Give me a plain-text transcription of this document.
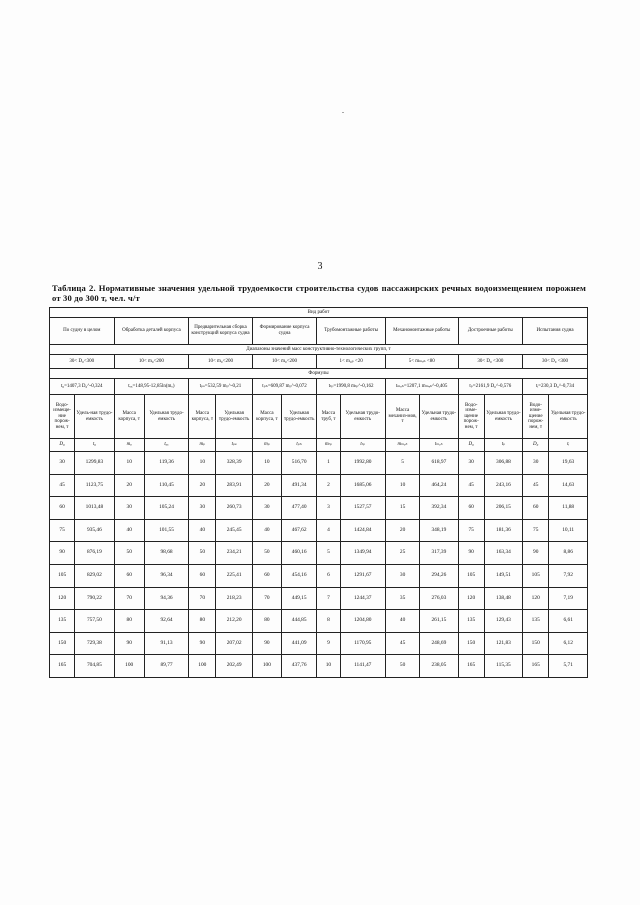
.
3
Таблица 2. Нормативные значения удельной трудоемкости строительства судов пассажирских речных водоизмещением порожнем от 30 до 300 т, чел. ч/т
Вид работ															
По судну в целом		Обработка деталей корпуса		Предварительная сборка конструкций корпуса судна		Формирование корпуса судна		Трубомонтажные работы		Механомонтажные работы		Достроечные работы		Испытания судна	
Диапазоны значений масс конструктивно-технологических групп, т															
30< D₀<300		10< m₀<200		10< m₀<200		10< m₀<200		1< m₀ₚ <20		5< mₘₑₕ <80		30< D₀ <300		30< D₀ <300	
Формулы															
t₀=1407,3 D₀^-0,324		tₒₓ=148,95-12,85ln(mₒ)		tₚₛ=532,59 mₚ^-0,21		tₚₕ=609,87 mₚ^-0,072		tₜₚ=1990,8 mₜₚ^-0,162		tₘₑₕ=1207,1 mₘₑₕ^-0,405		tₚ=2161,9 D₀^-0,576		tᵢ=230,3 D₀^-0,734	
Водо-измеще-ние порож-нем, т	Удель-ная трудо-емкость	Масса корпуса, т	Удельная трудо-емкость	Масса корпуса, т	Удельная трудо-емкость	Масса корпуса, т	Удельная трудо-емкость	Масса труб, т	Удельная трудо-емкость	Масса механиз-мов, т	Удельная трудо-емкость	Водо-изме-щение порож-нем, т	Удельная трудо-емкость	Водо-изме-щение порож-нем, т	Удельная трудо-емкость
D₀	t₀	mₒ	tₒₓ	mₚ	tₚₛ	mₚ	tₚₕ	mₜₚ	tₜₚ	mₘₑₕ	tₘₑₕ	D₀	tₚ	D₀	tᵢ
30	1299,83	10	119,36	10	328,39	10	516,70	1	1992,80	5	618,97	30	306,88	30	19,63
45	1123,75	20	110,45	20	283,91	20	491,34	2	1685,06	10	464,24	45	243,16	45	14,63
60	1013,48	30	105,24	30	260,73	30	477,40	3	1527,57	15	392,34	60	206,15	60	11,88
75	935,46	40	101,55	40	245,45	40	467,62	4	1424,84	20	348,19	75	181,36	75	10,11
90	876,19	50	98,68	50	234,21	50	460,16	5	1349,94	25	317,39	90	163,34	90	8,86
105	829,02	60	96,34	60	225,41	60	454,16	6	1291,67	30	294,26	105	149,51	105	7,92
120	790,22	70	94,36	70	218,23	70	449,15	7	1244,37	35	276,03	120	138,48	120	7,19
135	757,50	80	92,64	80	212,20	80	444,85	8	1204,80	40	261,15	135	129,43	135	6,61
150	729,38	90	91,13	90	207,02	90	441,09	9	1170,95	45	248,69	150	121,83	150	6,12
165	704,85	100	89,77	100	202,49	100	437,76	10	1141,47	50	238,05	165	115,35	165	5,71
